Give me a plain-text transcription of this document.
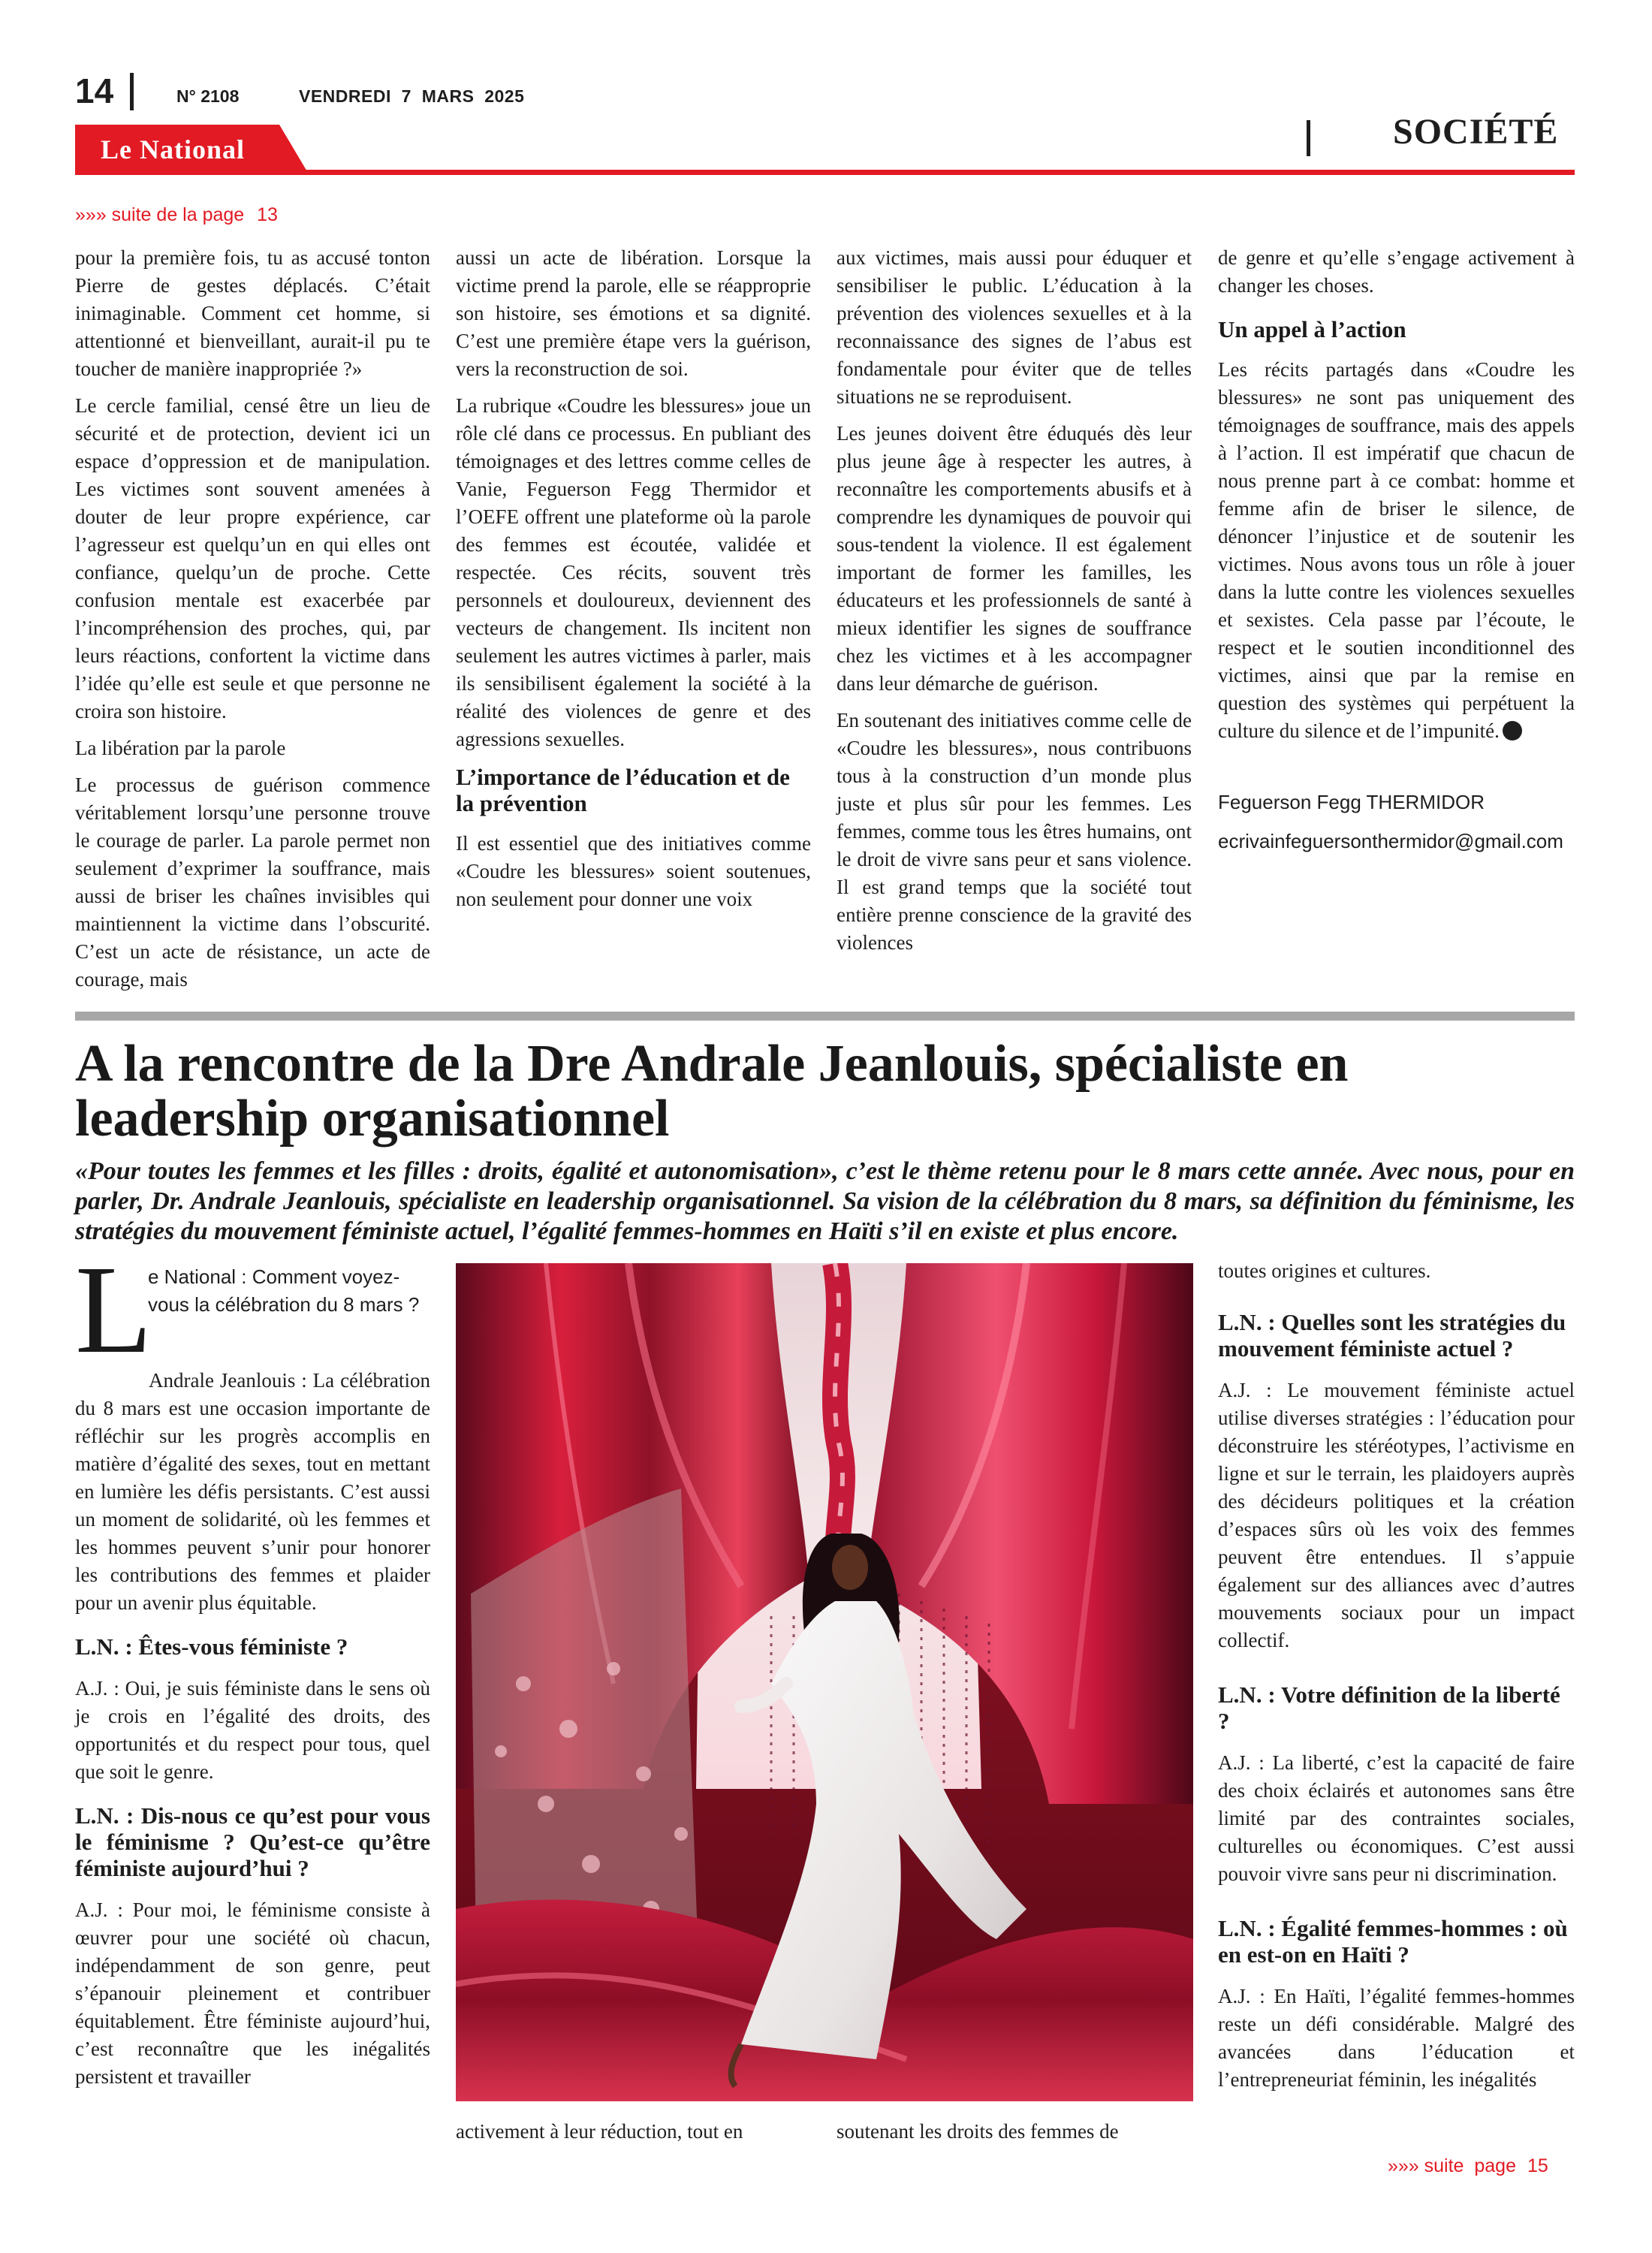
14	N° 2108	VENDREDI  7  MARS  2025
Le National	SOCIÉTÉ
»»» suite de la page 13

pour la première fois, tu as accusé tonton Pierre de gestes déplacés. C’était inimaginable. Comment cet homme, si attentionné et bienveillant, aurait-il pu te toucher de manière inappropriée ?»

Le cercle familial, censé être un lieu de sécurité et de protection, devient ici un espace d’oppression et de manipulation. Les victimes sont souvent amenées à douter de leur propre expérience, car l’agresseur est quelqu’un en qui elles ont confiance, quelqu’un de proche. Cette confusion mentale est exacerbée par l’incompréhension des proches, qui, par leurs réactions, confortent la victime dans l’idée qu’elle est seule et que personne ne croira son histoire.

La libération par la parole

Le processus de guérison commence véritablement lorsqu’une personne trouve le courage de parler. La parole permet non seulement d’exprimer la souffrance, mais aussi de briser les chaînes invisibles qui maintiennent la victime dans l’obscurité. C’est un acte de résistance, un acte de courage, mais

aussi un acte de libération. Lorsque la victime prend la parole, elle se réapproprie son histoire, ses émotions et sa dignité. C’est une première étape vers la guérison, vers la reconstruction de soi.

La rubrique «Coudre les blessures» joue un rôle clé dans ce processus. En publiant des témoignages et des lettres comme celles de Vanie, Feguerson Fegg Thermidor et l’OEFE offrent une plateforme où la parole des femmes est écoutée, validée et respectée. Ces récits, souvent très personnels et douloureux, deviennent des vecteurs de changement. Ils incitent non seulement les autres victimes à parler, mais ils sensibilisent également la société à la réalité des violences de genre et des agressions sexuelles.

L’importance de l’éducation et de la prévention

Il est essentiel que des initiatives comme «Coudre les blessures» soient soutenues, non seulement pour donner une voix

aux victimes, mais aussi pour éduquer et sensibiliser le public. L’éducation à la prévention des violences sexuelles et à la reconnaissance des signes de l’abus est fondamentale pour éviter que de telles situations ne se reproduisent.

Les jeunes doivent être éduqués dès leur plus jeune âge à respecter les autres, à reconnaître les comportements abusifs et à comprendre les dynamiques de pouvoir qui sous-tendent la violence. Il est également important de former les familles, les éducateurs et les professionnels de santé à mieux identifier les signes de souffrance chez les victimes et à les accompagner dans leur démarche de guérison.

En soutenant des initiatives comme celle de «Coudre les blessures», nous contribuons tous à la construction d’un monde plus juste et plus sûr pour les femmes. Les femmes, comme tous les êtres humains, ont le droit de vivre sans peur et sans violence. Il est grand temps que la société tout entière prenne conscience de la gravité des violences

de genre et qu’elle s’engage activement à changer les choses.

Un appel à l’action

Les récits partagés dans «Coudre les blessures» ne sont pas uniquement des témoignages de souffrance, mais des appels à l’action. Il est impératif que chacun de nous prenne part à ce combat: homme et femme afin de briser le silence, de dénoncer l’injustice et de soutenir les victimes. Nous avons tous un rôle à jouer dans la lutte contre les violences sexuelles et sexistes. Cela passe par l’écoute, le respect et le soutien inconditionnel des victimes, ainsi que par la remise en question des systèmes qui perpétuent la culture du silence et de l’impunité.

Feguerson Fegg THERMIDOR
ecrivainfeguersonthermidor@gmail.com
A la rencontre de la Dre Andrale Jeanlouis, spécialiste en leadership organisationnel
«Pour toutes les femmes et les filles : droits, égalité et autonomisation», c’est le thème retenu pour le 8 mars cette année. Avec nous, pour en parler, Dr. Andrale Jeanlouis, spécialiste en leadership organisationnel. Sa vision de la célébration du 8 mars, sa définition du féminisme, les stratégies du mouvement féministe actuel, l’égalité femmes-hommes en Haïti s’il en existe et plus encore.
L
e National : Comment voyez-vous la célébration du 8 mars ?
Andrale Jeanlouis : La célébration du 8 mars est une occasion importante de réfléchir sur les progrès accomplis en matière d’égalité des sexes, tout en mettant en lumière les défis persistants. C’est aussi un moment de solidarité, où les femmes et les hommes peuvent s’unir pour honorer les contributions des femmes et plaider pour un avenir plus équitable.
L.N. : Êtes-vous féministe ?

A.J. : Oui, je suis féministe dans le sens où je crois en l’égalité des droits, des opportunités et du respect pour tous, quel que soit le genre.

L.N. : Dis-nous ce qu’est pour vous le féminisme ? Qu’est-ce qu’être féministe aujourd’hui ?

A.J. : Pour moi, le féminisme consiste à œuvrer pour une société où chacun, indépendamment de son genre, peut s’épanouir pleinement et contribuer équitablement. Être féministe aujourd’hui, c’est reconnaître que les inégalités persistent et travailler

activement à leur réduction, tout en	soutenant les droits des femmes de

toutes origines et cultures.

L.N. : Quelles sont les stratégies du mouvement féministe actuel ?

A.J. : Le mouvement féministe actuel utilise diverses stratégies : l’éducation pour déconstruire les stéréotypes, l’activisme en ligne et sur le terrain, les plaidoyers auprès des décideurs politiques et la création d’espaces sûrs où les voix des femmes peuvent être entendues. Il s’appuie également sur des alliances avec d’autres mouvements sociaux pour un impact collectif.

L.N. : Votre définition de la liberté ?

A.J. : La liberté, c’est la capacité de faire des choix éclairés et autonomes sans être limité par des contraintes sociales, culturelles ou économiques. C’est aussi pouvoir vivre sans peur ni discrimination.

L.N. : Égalité femmes-hommes : où en est-on en Haïti ?

A.J. : En Haïti, l’égalité femmes-hommes reste un défi considérable. Malgré des avancées dans l’éducation et l’entrepreneuriat féminin, les inégalités

»»» suite  page 15
